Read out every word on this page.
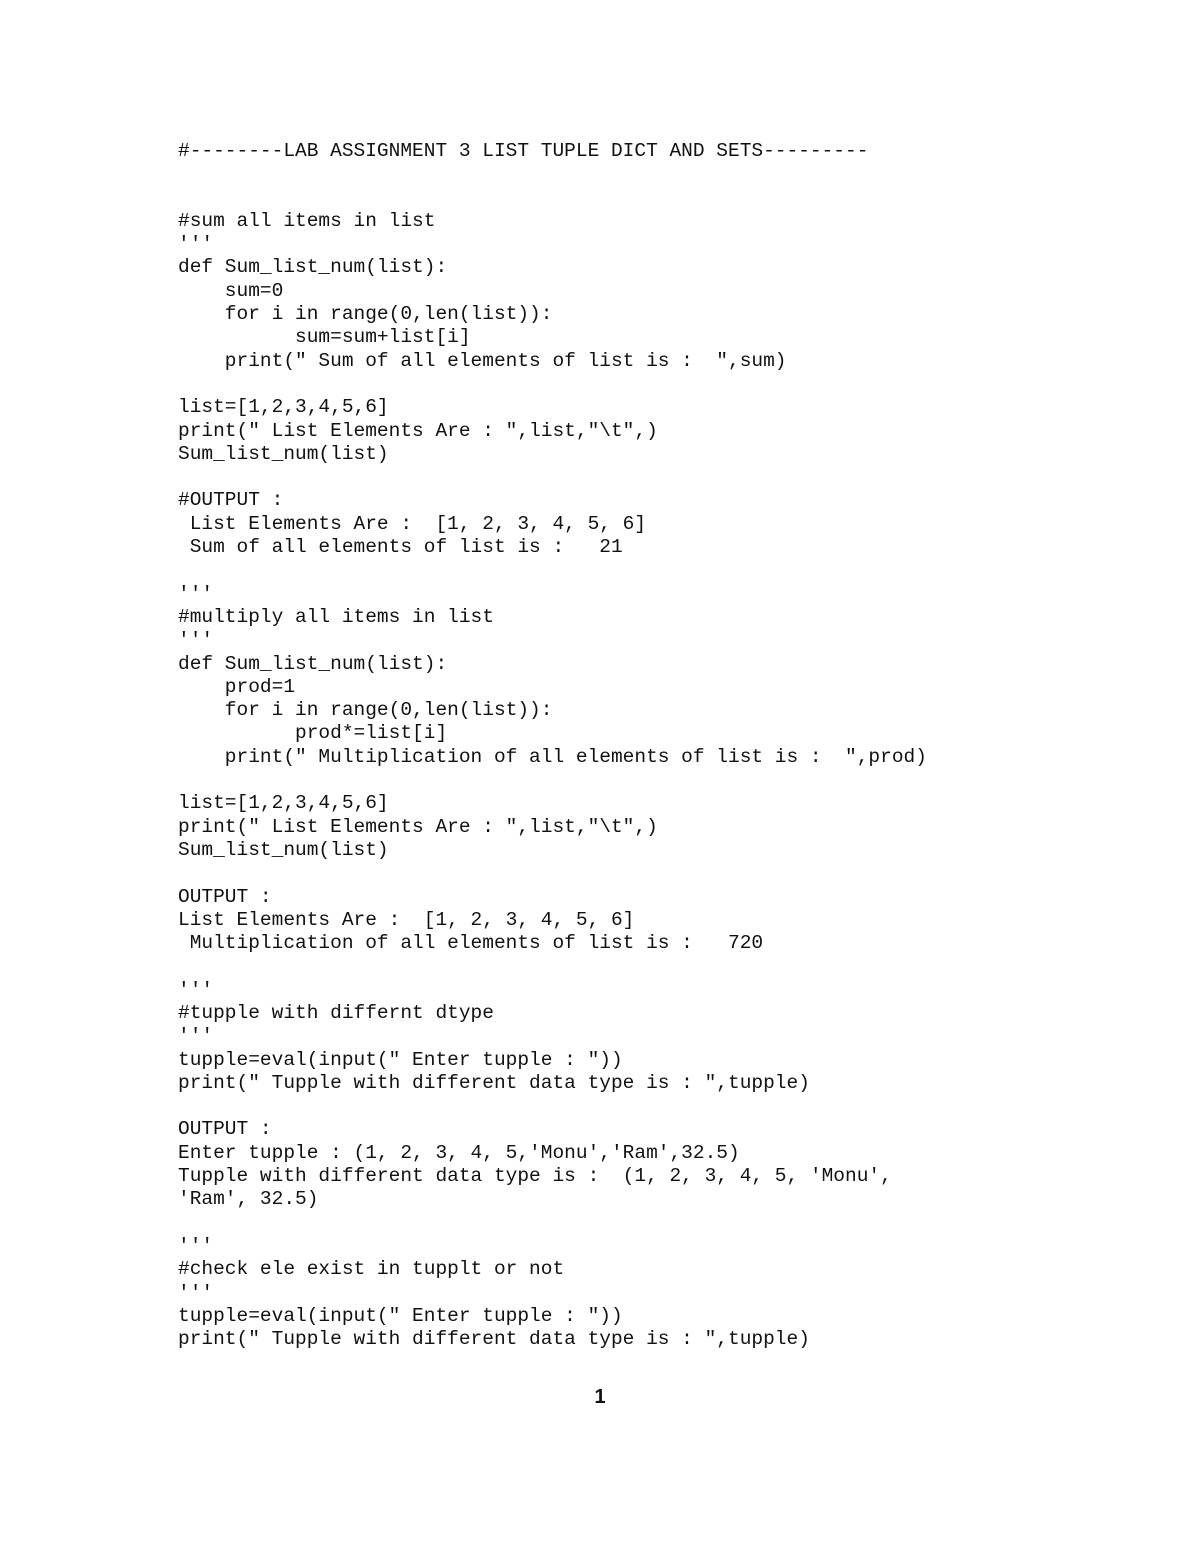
#--------LAB ASSIGNMENT 3 LIST TUPLE DICT AND SETS---------
#sum all items in list
'''
def Sum_list_num(list):
sum=0
for i in range(0,len(list)):
sum=sum+list[i]
print(" Sum of all elements of list is :  ",sum)
list=[1,2,3,4,5,6]
print(" List Elements Are : ",list,"\t",)
Sum_list_num(list)
#OUTPUT :
List Elements Are :  [1, 2, 3, 4, 5, 6]
Sum of all elements of list is :   21
'''
#multiply all items in list
'''
def Sum_list_num(list):
prod=1
for i in range(0,len(list)):
prod*=list[i]
print(" Multiplication of all elements of list is :  ",prod)
list=[1,2,3,4,5,6]
print(" List Elements Are : ",list,"\t",)
Sum_list_num(list)
OUTPUT :
List Elements Are :  [1, 2, 3, 4, 5, 6]
Multiplication of all elements of list is :   720
'''
#tupple with differnt dtype
'''
tupple=eval(input(" Enter tupple : "))
print(" Tupple with different data type is : ",tupple)
OUTPUT :
Enter tupple : (1, 2, 3, 4, 5,'Monu','Ram',32.5)
Tupple with different data type is :  (1, 2, 3, 4, 5, 'Monu',
'Ram', 32.5)
'''
#check ele exist in tupplt or not
'''
tupple=eval(input(" Enter tupple : "))
print(" Tupple with different data type is : ",tupple)
1
